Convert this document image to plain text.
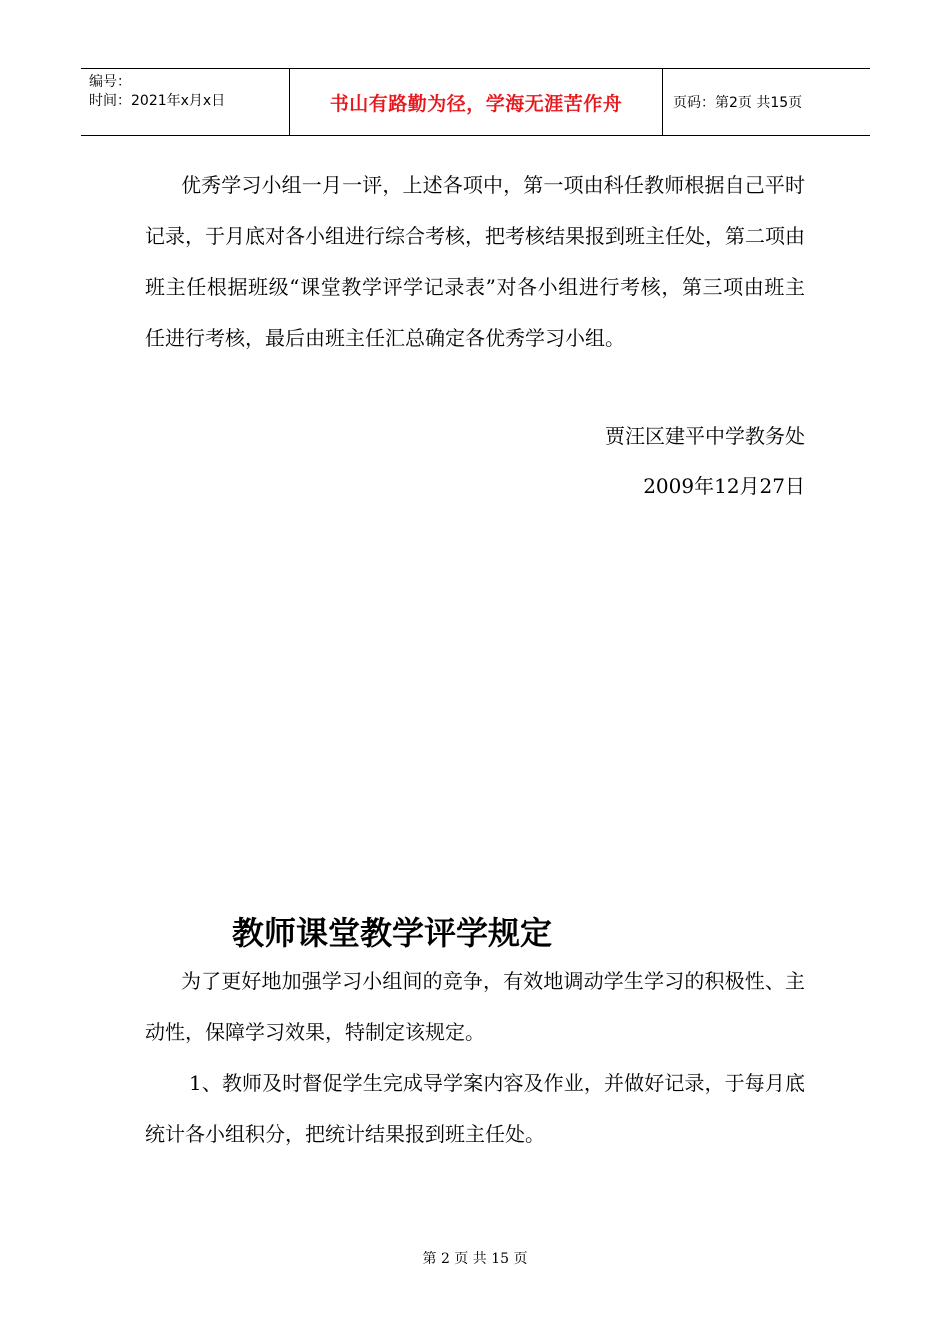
编号：
时间：2021年x月x日	书山有路勤为径，学海无涯苦作舟	页码：第2页 共15页

优秀学习小组一月一评，上述各项中，第一项由科任教师根据自己平时记录，于月底对各小组进行综合考核，把考核结果报到班主任处，第二项由班主任根据班级“课堂教学评学记录表”对各小组进行考核，第三项由班主任进行考核，最后由班主任汇总确定各优秀学习小组。

贾汪区建平中学教务处

2009年12月27日

教师课堂教学评学规定

为了更好地加强学习小组间的竞争，有效地调动学生学习的积极性、主动性，保障学习效果，特制定该规定。

1、教师及时督促学生完成导学案内容及作业，并做好记录，于每月底统计各小组积分，把统计结果报到班主任处。

第 2 页 共 15 页
